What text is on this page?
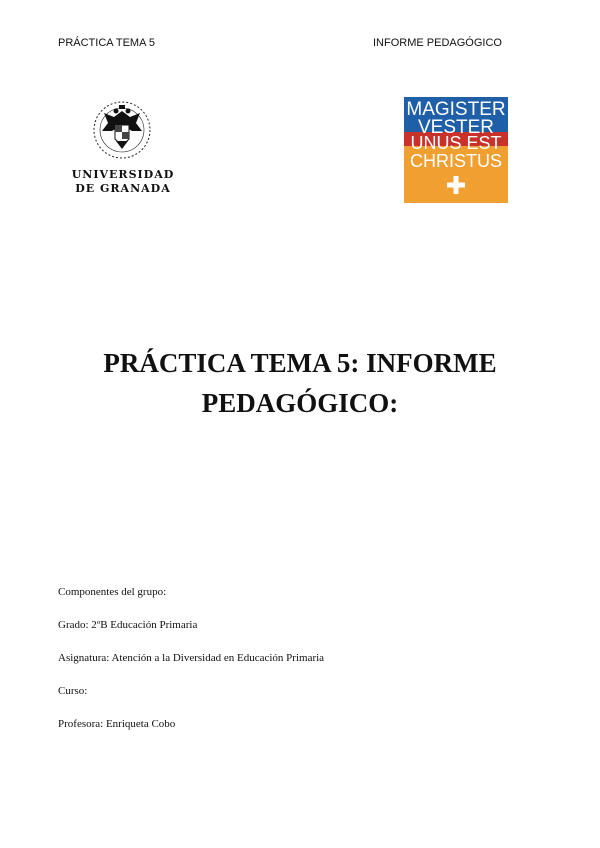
PRÁCTICA TEMA 5	INFORME PEDAGÓGICO
UNIVERSIDAD
DE GRANADA
MAGISTER
VESTER
UNUS EST
CHRISTUS
PRÁCTICA TEMA 5: INFORME
PEDAGÓGICO:
Componentes del grupo:
Grado: 2ºB Educación Primaria
Asignatura: Atención a la Diversidad en Educación Primaria
Curso:
Profesora: Enriqueta Cobo
